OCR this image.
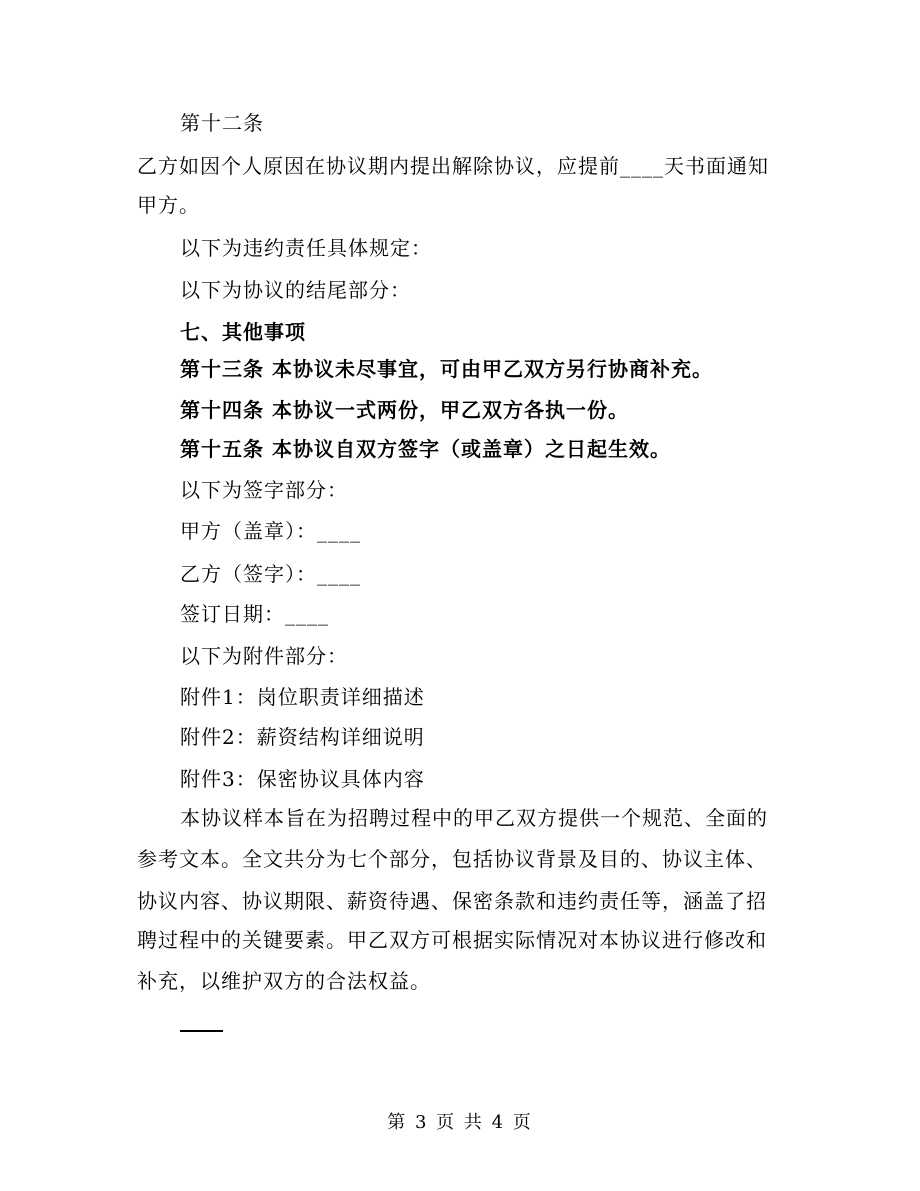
第十二条
乙方如因个人原因在协议期内提出解除协议，应提前____天书面通知
甲方。
以下为违约责任具体规定：
以下为协议的结尾部分：
七、其他事项
第十三条 本协议未尽事宜，可由甲乙双方另行协商补充。
第十四条 本协议一式两份，甲乙双方各执一份。
第十五条 本协议自双方签字（或盖章）之日起生效。
以下为签字部分：
甲方（盖章）：____
乙方（签字）：____
签订日期：____
以下为附件部分：
附件1：岗位职责详细描述
附件2：薪资结构详细说明
附件3：保密协议具体内容
本协议样本旨在为招聘过程中的甲乙双方提供一个规范、全面的
参考文本。全文共分为七个部分，包括协议背景及目的、协议主体、
协议内容、协议期限、薪资待遇、保密条款和违约责任等，涵盖了招
聘过程中的关键要素。甲乙双方可根据实际情况对本协议进行修改和
补充，以维护双方的合法权益。
第 3 页 共 4 页
